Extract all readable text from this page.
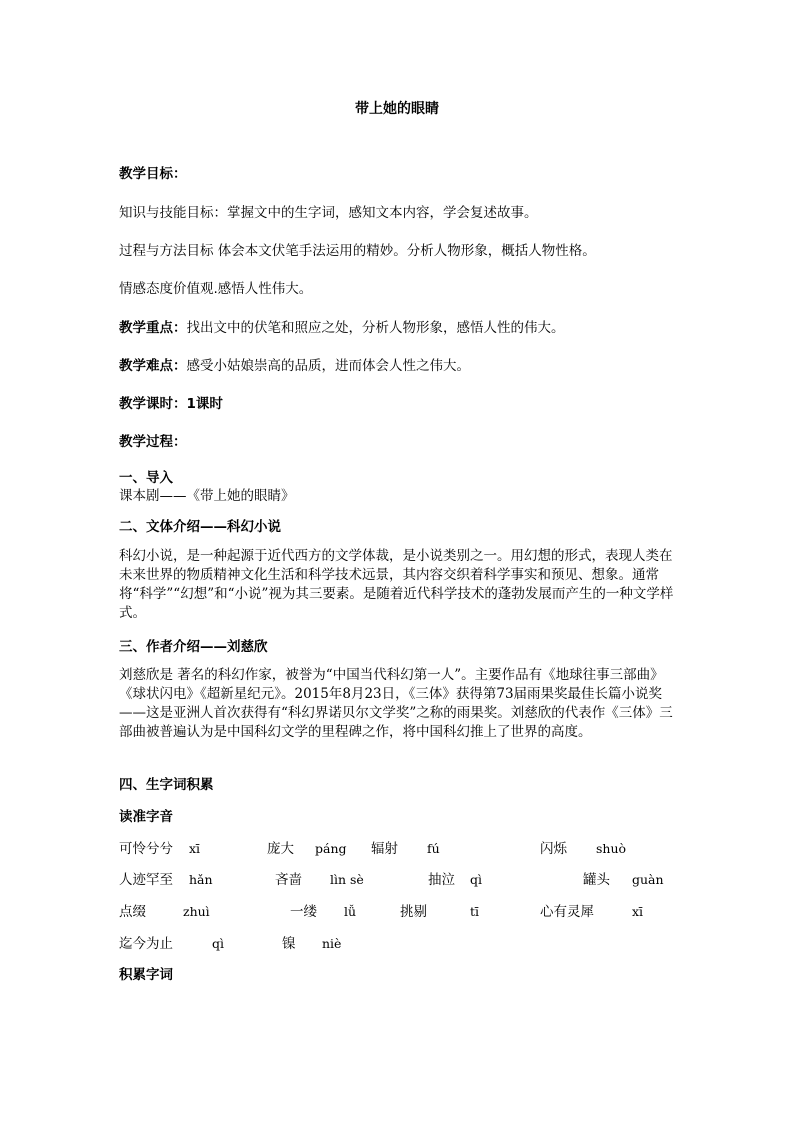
带上她的眼睛
教学目标：
知识与技能目标：掌握文中的生字词，感知文本内容，学会复述故事。
过程与方法目标 体会本文伏笔手法运用的精妙。分析人物形象，概括人物性格。
情感态度价值观.感悟人性伟大。
教学重点：找出文中的伏笔和照应之处，分析人物形象，感悟人性的伟大。
教学难点：感受小姑娘崇高的品质，进而体会人性之伟大。
教学课时：1课时
教学过程：
一、导入
课本剧——《带上她的眼睛》
二、文体介绍——科幻小说
科幻小说，是一种起源于近代西方的文学体裁，是小说类别之一。用幻想的形式，表现人类在未来世界的物质精神文化生活和科学技术远景，其内容交织着科学事实和预见、想象。通常将“科学”“幻想”和“小说”视为其三要素。是随着近代科学技术的蓬勃发展而产生的一种文学样式。
三、作者介绍——刘慈欣
刘慈欣是 著名的科幻作家，被誉为“中国当代科幻第一人”。主要作品有《地球往事三部曲》《球状闪电》《超新星纪元》。2015年8月23日，《三体》获得第73届雨果奖最佳长篇小说奖——这是亚洲人首次获得有“科幻界诺贝尔文学奖”之称的雨果奖。刘慈欣的代表作《三体》三部曲被普遍认为是中国科幻文学的里程碑之作，将中国科幻推上了世界的高度。
四、生字词积累
读准字音
可怜兮兮 xī	庞大 páng 辐射 fú	闪烁 shuò
人迹罕至 hǎn	吝啬 lìn sè	抽泣 qì	罐头 guàn
点缀	zhuì	一缕 lǚ	挑剔	tī	心有灵犀	xī
迄今为止	qì	镍 niè
积累字词
